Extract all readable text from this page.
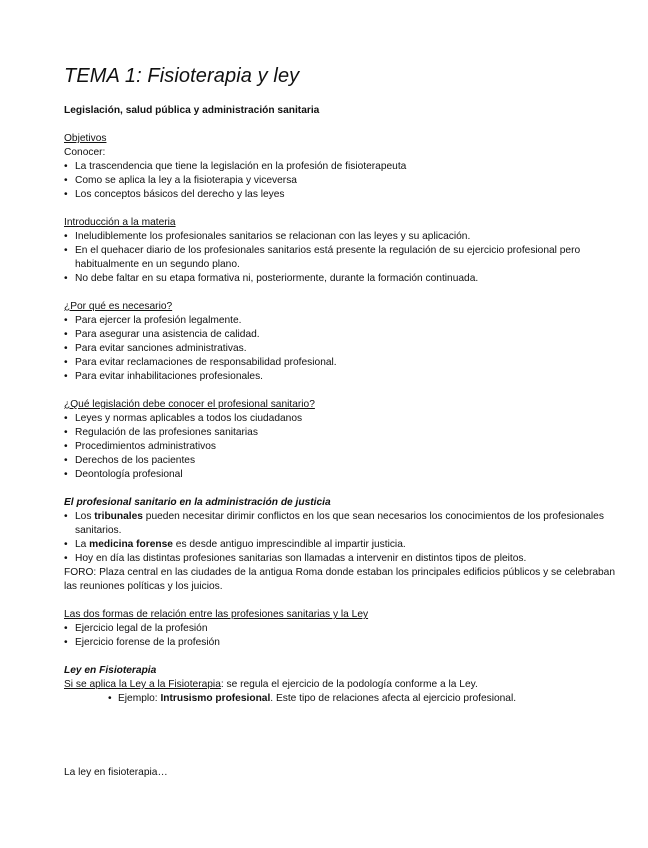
TEMA 1: Fisioterapia y ley
Legislación, salud pública y administración sanitaria
Objetivos
Conocer:
• La trascendencia que tiene la legislación en la profesión de fisioterapeuta
• Como se aplica la ley a la fisioterapia y viceversa
• Los conceptos básicos del derecho y las leyes
Introducción a la materia
• Ineludiblemente los profesionales sanitarios se relacionan con las leyes y su aplicación.
• En el quehacer diario de los profesionales sanitarios está presente la regulación de su ejercicio profesional pero habitualmente en un segundo plano.
• No debe faltar en su etapa formativa ni, posteriormente, durante la formación continuada.
¿Por qué es necesario?
• Para ejercer la profesión legalmente.
• Para asegurar una asistencia de calidad.
• Para evitar sanciones administrativas.
• Para evitar reclamaciones de responsabilidad profesional.
• Para evitar inhabilitaciones profesionales.
¿Qué legislación debe conocer el profesional sanitario?
• Leyes y normas aplicables a todos los ciudadanos
• Regulación de las profesiones sanitarias
• Procedimientos administrativos
• Derechos de los pacientes
• Deontología profesional
El profesional sanitario en la administración de justicia
• Los tribunales pueden necesitar dirimir conflictos en los que sean necesarios los conocimientos de los profesionales sanitarios.
• La medicina forense es desde antiguo imprescindible al impartir justicia.
• Hoy en día las distintas profesiones sanitarias son llamadas a intervenir en distintos tipos de pleitos.
FORO: Plaza central en las ciudades de la antigua Roma donde estaban los principales edificios públicos y se celebraban las reuniones políticas y los juicios.
Las dos formas de relación entre las profesiones sanitarias y la Ley
• Ejercicio legal de la profesión
• Ejercicio forense de la profesión
Ley en Fisioterapia
Si se aplica la Ley a la Fisioterapia: se regula el ejercicio de la podología conforme a la Ley.
• Ejemplo: Intrusismo profesional. Este tipo de relaciones afecta al ejercicio profesional.
La ley en fisioterapia…
